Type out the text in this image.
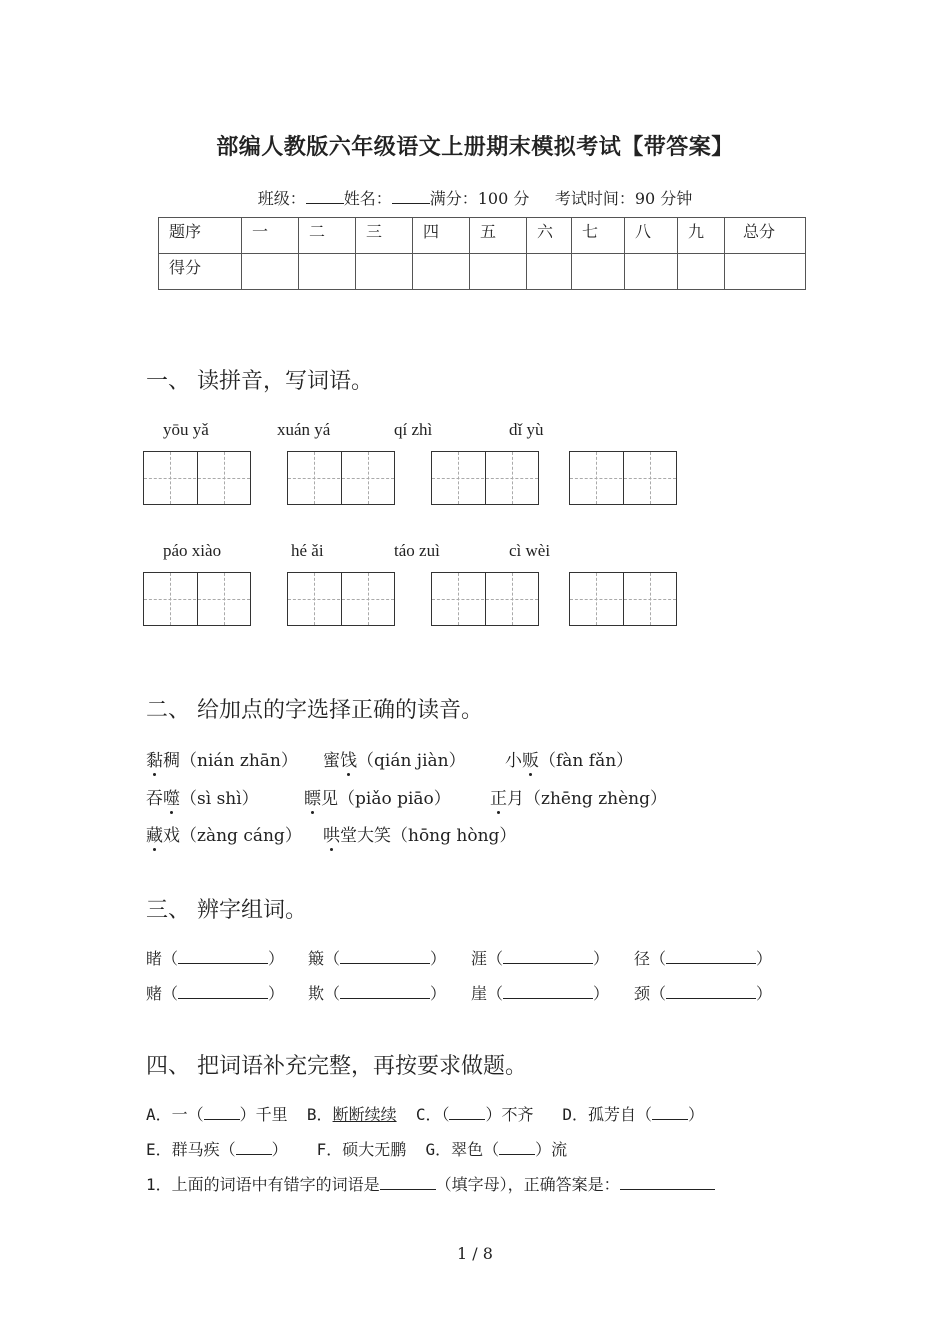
部编人教版六年级语文上册期末模拟考试【带答案】
班级： 姓名： 满分：100 分 考试时间：90 分钟
题序	一	二	三	四	五	六	七	八	九	总分
得分										
一、 读拼音，写词语。
yōu yǎ	xuán yá	qí zhì	dǐ yù
páo xiào	hé ǎi	táo zuì	cì wèi
二、 给加点的字选择正确的读音。
黏稠（nián zhān） 蜜饯（qián jiàn） 小贩（fàn fǎn）
吞噬（sì shì）	瞟见（piǎo piāo） 正月（zhēng zhèng）
藏戏（zàng cáng） 哄堂大笑（hōng hòng）
三、 辨字组词。
睹（	） 簸（	） 涯（	） 径（	）
赌（	） 欺（	） 崖（	） 颈（	）
四、 把词语补充完整，再按要求做题。
A．一（ ）千里 B．断断续续 C．（ ）不齐 D．孤芳自（ ）
E．群马疾（ ） F．硕大无鹏 G．翠色（ ）流
1．上面的词语中有错字的词语是	（填字母），正确答案是：
1 / 8
